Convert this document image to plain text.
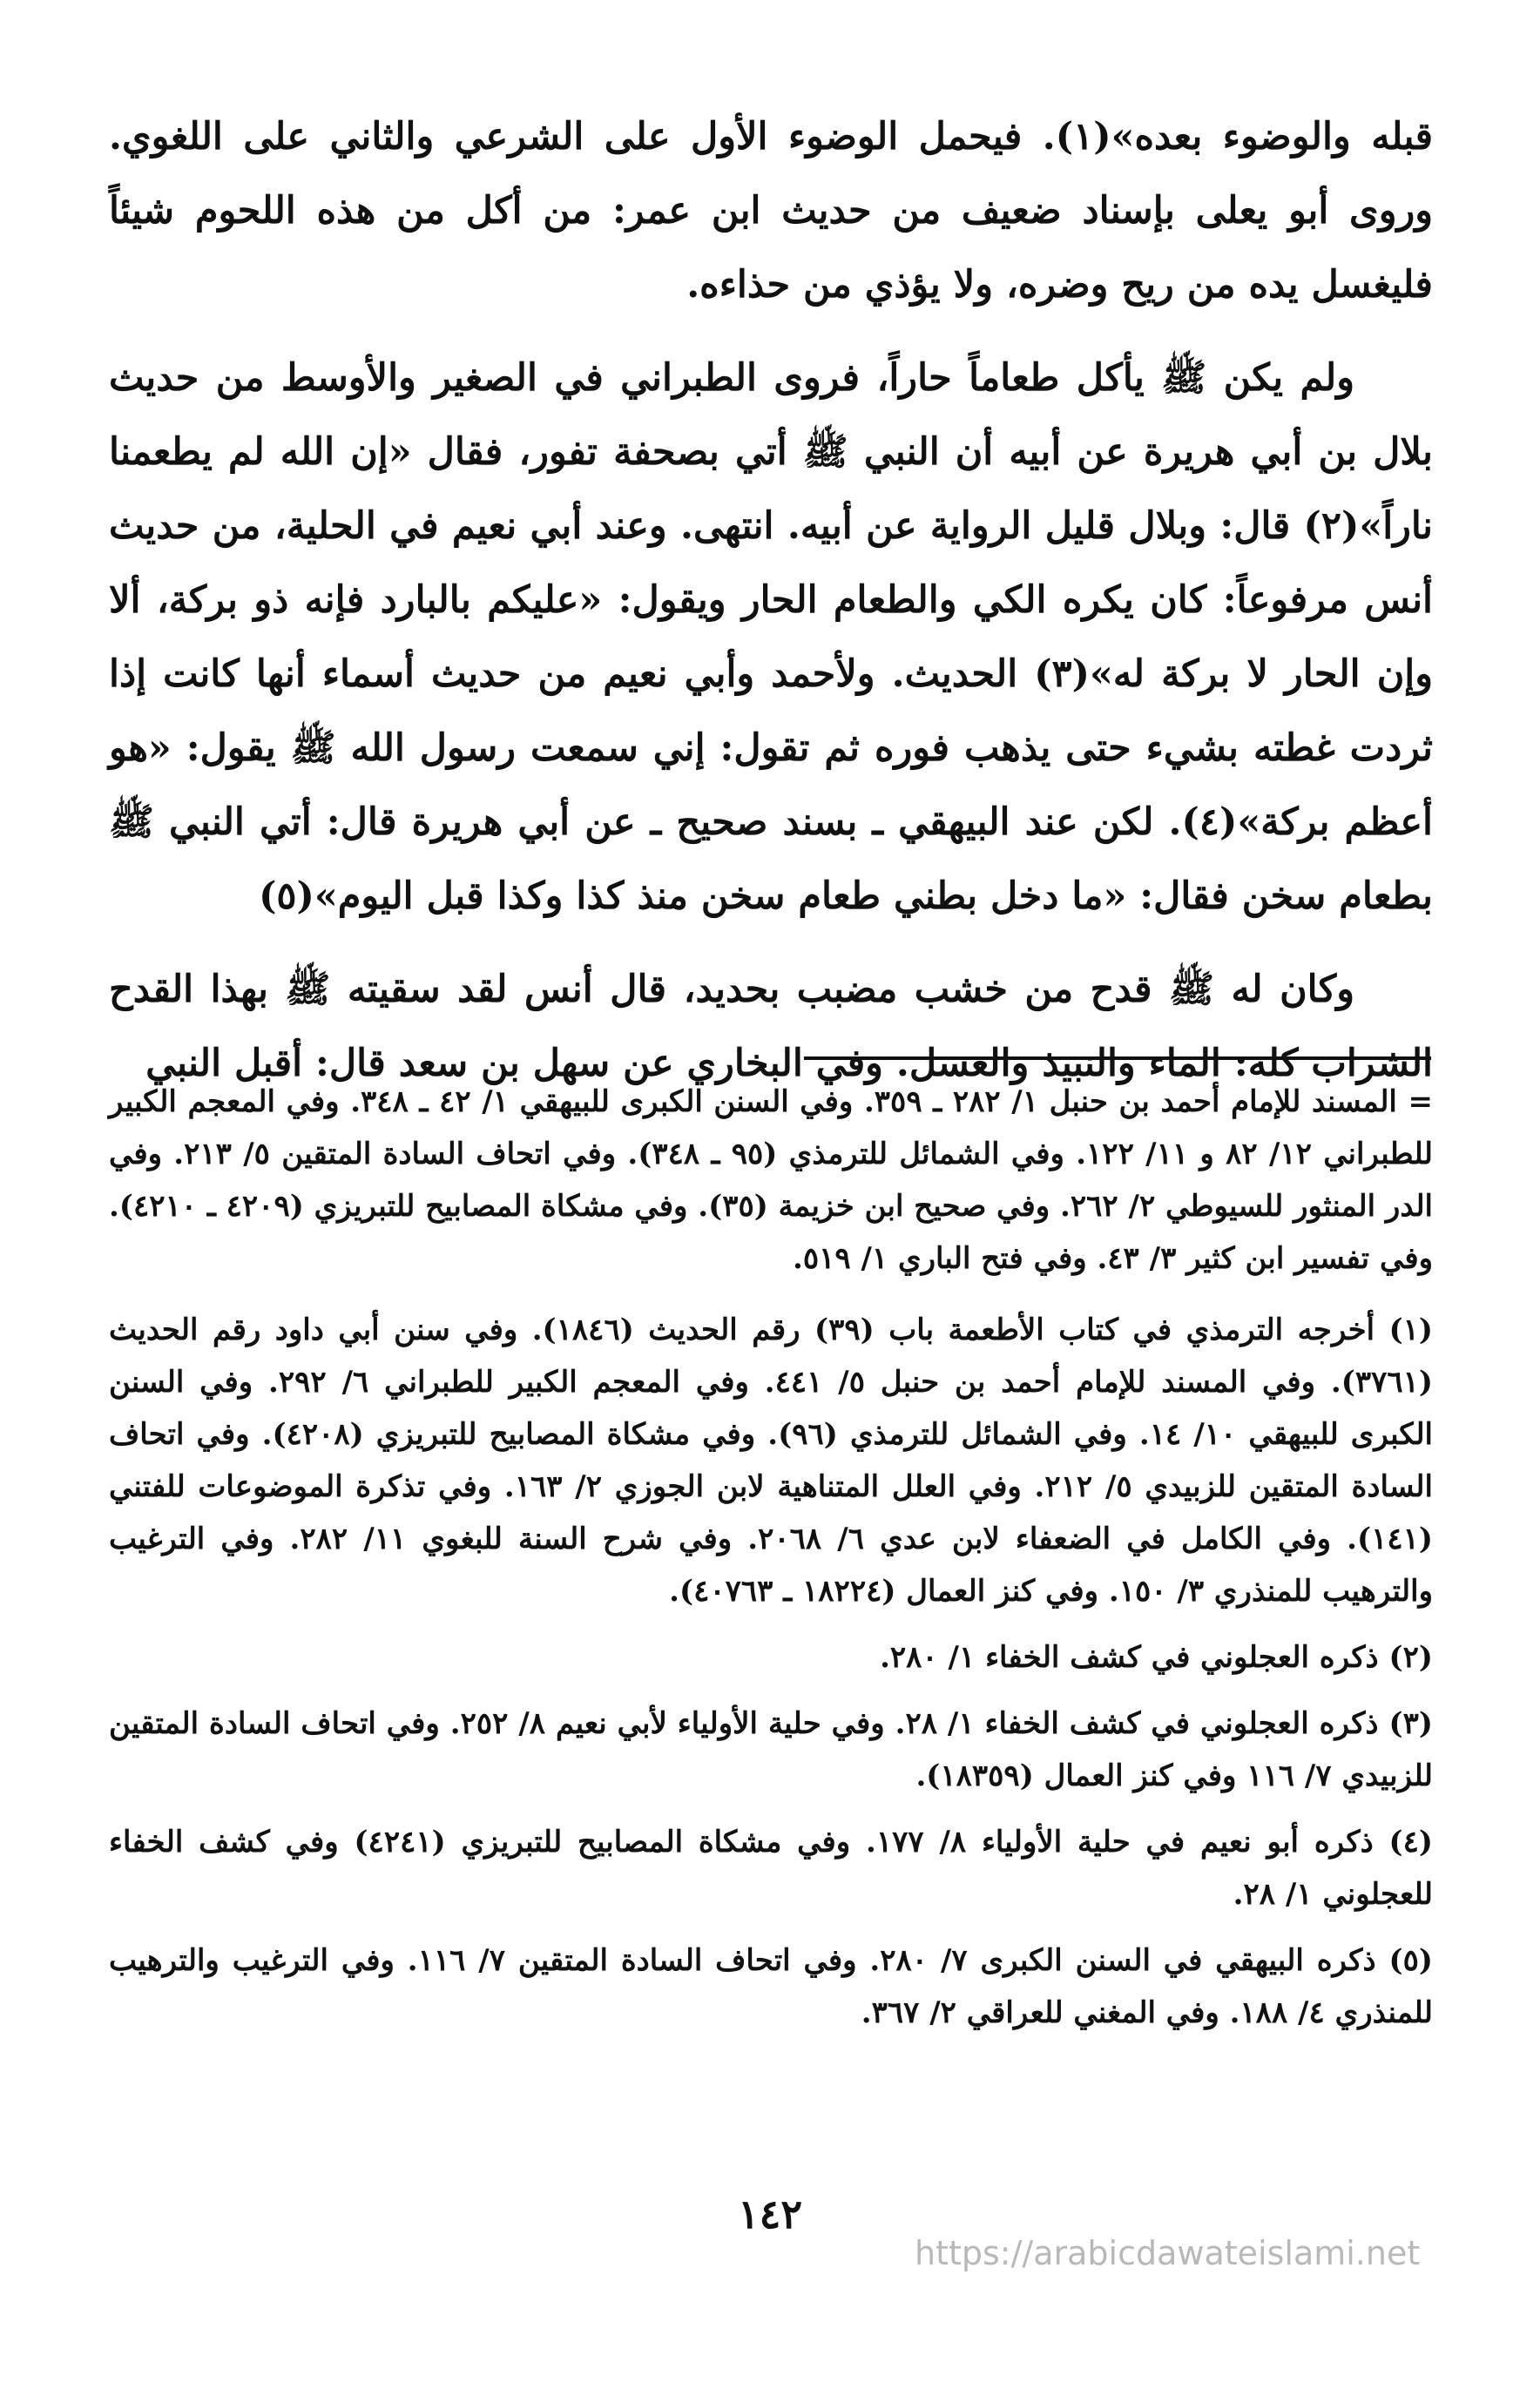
قبله والوضوء بعده»(١). فيحمل الوضوء الأول على الشرعي والثاني على اللغوي. وروى أبو يعلى بإسناد ضعيف من حديث ابن عمر: من أكل من هذه اللحوم شيئاً فليغسل يده من ريح وضره، ولا يؤذي من حذاءه.

ولم يكن ﷺ يأكل طعاماً حاراً، فروى الطبراني في الصغير والأوسط من حديث بلال بن أبي هريرة عن أبيه أن النبي ﷺ أتي بصحفة تفور، فقال «إن الله لم يطعمنا ناراً»(٢) قال: وبلال قليل الرواية عن أبيه. انتهى. وعند أبي نعيم في الحلية، من حديث أنس مرفوعاً: كان يكره الكي والطعام الحار ويقول: «عليكم بالبارد فإنه ذو بركة، ألا وإن الحار لا بركة له»(٣) الحديث. ولأحمد وأبي نعيم من حديث أسماء أنها كانت إذا ثردت غطته بشيء حتى يذهب فوره ثم تقول: إني سمعت رسول الله ﷺ يقول: «هو أعظم بركة»(٤). لكن عند البيهقي ـ بسند صحيح ـ عن أبي هريرة قال: أتي النبي ﷺ بطعام سخن فقال: «ما دخل بطني طعام سخن منذ كذا وكذا قبل اليوم»(٥)

وكان له ﷺ قدح من خشب مضبب بحديد، قال أنس لقد سقيته ﷺ بهذا القدح الشراب كله: الماء والنبيذ والعسل. وفي البخاري عن سهل بن سعد قال: أقبل النبي

= المسند للإمام أحمد بن حنبل ١/ ٢٨٢ ـ ٣٥٩. وفي السنن الكبرى للبيهقي ١/ ٤٢ ـ ٣٤٨. وفي المعجم الكبير للطبراني ١٢/ ٨٢ و ١١/ ١٢٢. وفي الشمائل للترمذي (٩٥ ـ ٣٤٨). وفي اتحاف السادة المتقين ٥/ ٢١٣. وفي الدر المنثور للسيوطي ٢/ ٢٦٢. وفي صحيح ابن خزيمة (٣٥). وفي مشكاة المصابيح للتبريزي (٤٢٠٩ ـ ٤٢١٠). وفي تفسير ابن كثير ٣/ ٤٣. وفي فتح الباري ١/ ٥١٩.

(١) أخرجه الترمذي في كتاب الأطعمة باب (٣٩) رقم الحديث (١٨٤٦). وفي سنن أبي داود رقم الحديث (٣٧٦١). وفي المسند للإمام أحمد بن حنبل ٥/ ٤٤١. وفي المعجم الكبير للطبراني ٦/ ٢٩٢. وفي السنن الكبرى للبيهقي ١٠/ ١٤. وفي الشمائل للترمذي (٩٦). وفي مشكاة المصابيح للتبريزي (٤٢٠٨). وفي اتحاف السادة المتقين للزبيدي ٥/ ٢١٢. وفي العلل المتناهية لابن الجوزي ٢/ ١٦٣. وفي تذكرة الموضوعات للفتني (١٤١). وفي الكامل في الضعفاء لابن عدي ٦/ ٢٠٦٨. وفي شرح السنة للبغوي ١١/ ٢٨٢. وفي الترغيب والترهيب للمنذري ٣/ ١٥٠. وفي كنز العمال (١٨٢٢٤ ـ ٤٠٧٦٣).

(٢) ذكره العجلوني في كشف الخفاء ١/ ٢٨٠.

(٣) ذكره العجلوني في كشف الخفاء ١/ ٢٨. وفي حلية الأولياء لأبي نعيم ٨/ ٢٥٢. وفي اتحاف السادة المتقين للزبيدي ٧/ ١١٦ وفي كنز العمال (١٨٣٥٩).

(٤) ذكره أبو نعيم في حلية الأولياء ٨/ ١٧٧. وفي مشكاة المصابيح للتبريزي (٤٢٤١) وفي كشف الخفاء للعجلوني ١/ ٢٨.

(٥) ذكره البيهقي في السنن الكبرى ٧/ ٢٨٠. وفي اتحاف السادة المتقين ٧/ ١١٦. وفي الترغيب والترهيب للمنذري ٤/ ١٨٨. وفي المغني للعراقي ٢/ ٣٦٧.

١٤٢
https://arabicdawateislami.net
